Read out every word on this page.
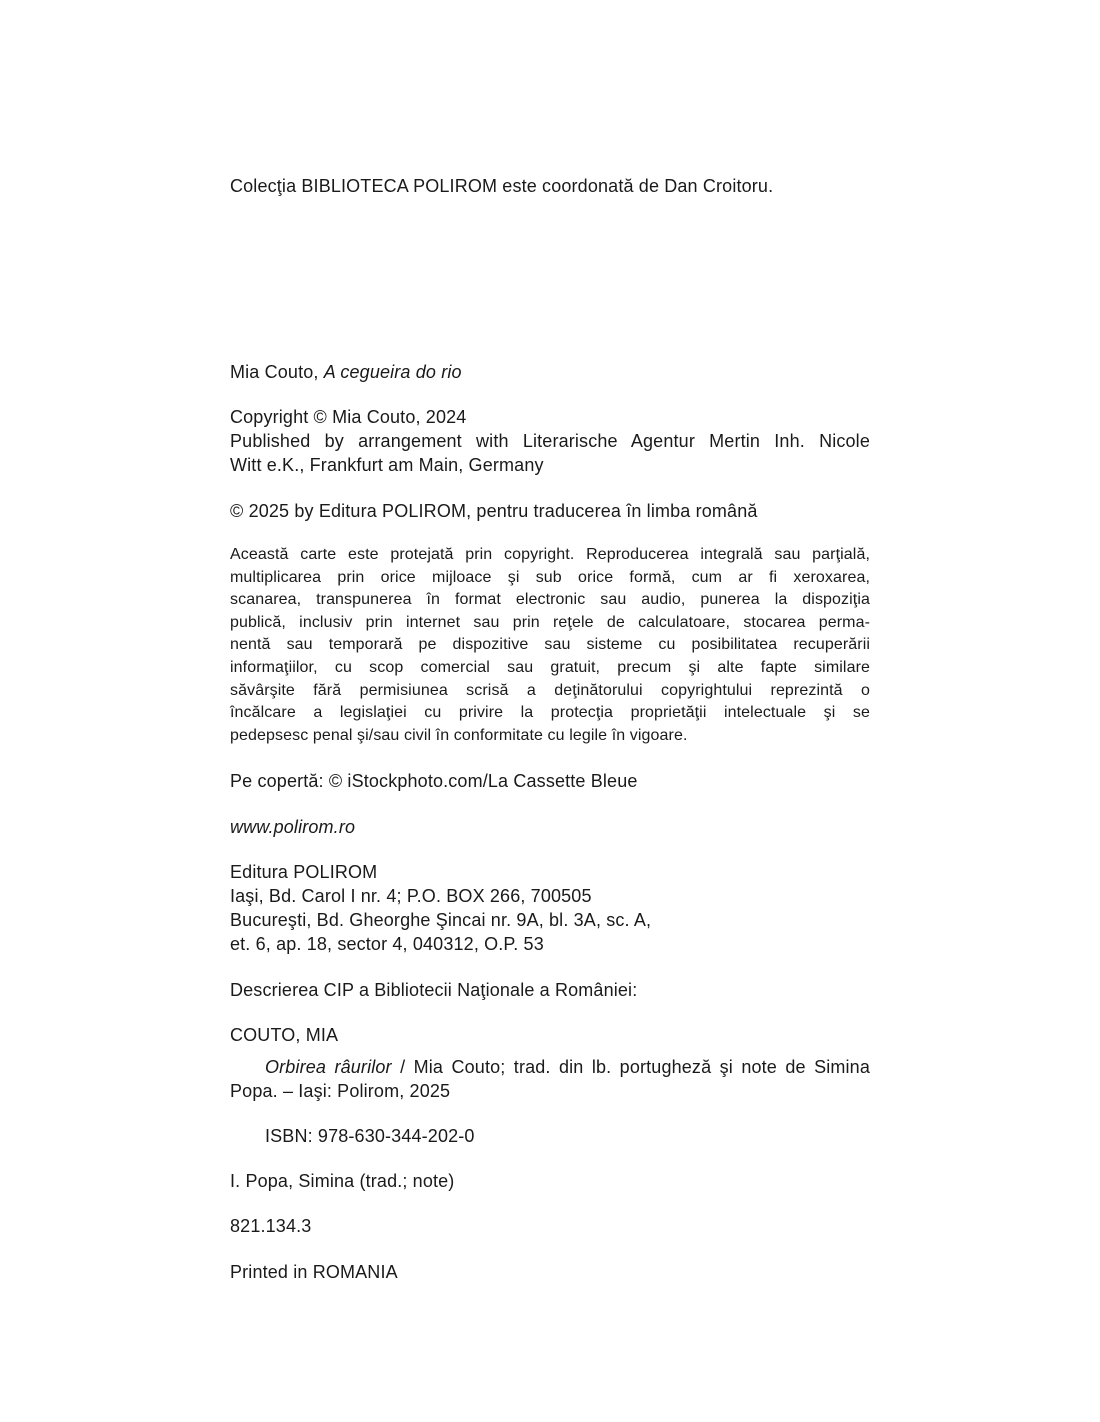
Colecţia BIBLIOTECA POLIROM este coordonată de Dan Croitoru.

Mia Couto, A cegueira do rio

Copyright © Mia Couto, 2024
Published by arrangement with Literarische Agentur Mertin Inh. Nicole
Witt e.K., Frankfurt am Main, Germany

© 2025 by Editura POLIROM, pentru traducerea în limba română

Această carte este protejată prin copyright. Reproducerea integrală sau parţială,
multiplicarea prin orice mijloace şi sub orice formă, cum ar fi xeroxarea,
scanarea, transpunerea în format electronic sau audio, punerea la dispoziţia
publică, inclusiv prin internet sau prin reţele de calculatoare, stocarea perma-
nentă sau temporară pe dispozitive sau sisteme cu posibilitatea recuperării
informaţiilor, cu scop comercial sau gratuit, precum şi alte fapte similare
săvârşite fără permisiunea scrisă a deţinătorului copyrightului reprezintă o
încălcare a legislaţiei cu privire la protecţia proprietăţii intelectuale şi se
pedepsesc penal şi/sau civil în conformitate cu legile în vigoare.

Pe copertă: © iStockphoto.com/La Cassette Bleue

www.polirom.ro

Editura POLIROM
Iaşi, Bd. Carol I nr. 4; P.O. BOX 266, 700505
Bucureşti, Bd. Gheorghe Şincai nr. 9A, bl. 3A, sc. A,
et. 6, ap. 18, sector 4, 040312, O.P. 53

Descrierea CIP a Bibliotecii Naţionale a României:

COUTO, MIA

Orbirea râurilor / Mia Couto; trad. din lb. portugheză şi note de Simina
Popa. – Iaşi: Polirom, 2025

ISBN: 978-630-344-202-0

I. Popa, Simina (trad.; note)

821.134.3

Printed in ROMANIA
